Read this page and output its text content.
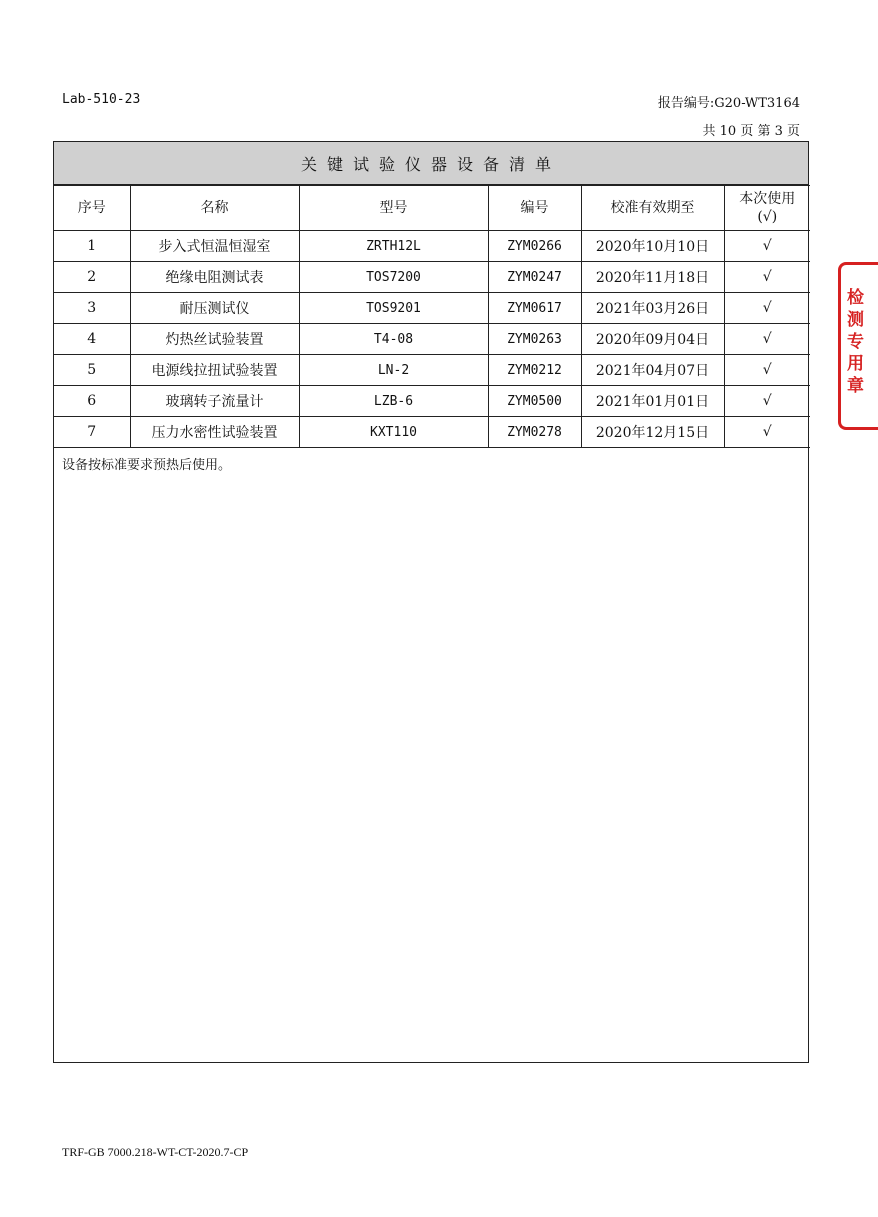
Lab-510-23	报告编号:G20-WT3164
共 10 页 第 3 页
关键试验仪器设备清单
序号	名称	型号	编号	校准有效期至	本次使用
(√)

1	步入式恒温恒湿室	ZRTH12L	ZYM0266	2020年10月10日	√
2	绝缘电阻测试表	TOS7200	ZYM0247	2020年11月18日	√
3	耐压测试仪	TOS9201	ZYM0617	2021年03月26日	√
4	灼热丝试验装置	T4-08	ZYM0263	2020年09月04日	√
5	电源线拉扭试验装置	LN-2	ZYM0212	2021年04月07日	√
6	玻璃转子流量计	LZB-6	ZYM0500	2021年01月01日	√
7	压力水密性试验装置	KXT110	ZYM0278	2020年12月15日	√

设备按标准要求预热后使用。					
TRF-GB 7000.218-WT-CT-2020.7-CP
检测专用章
